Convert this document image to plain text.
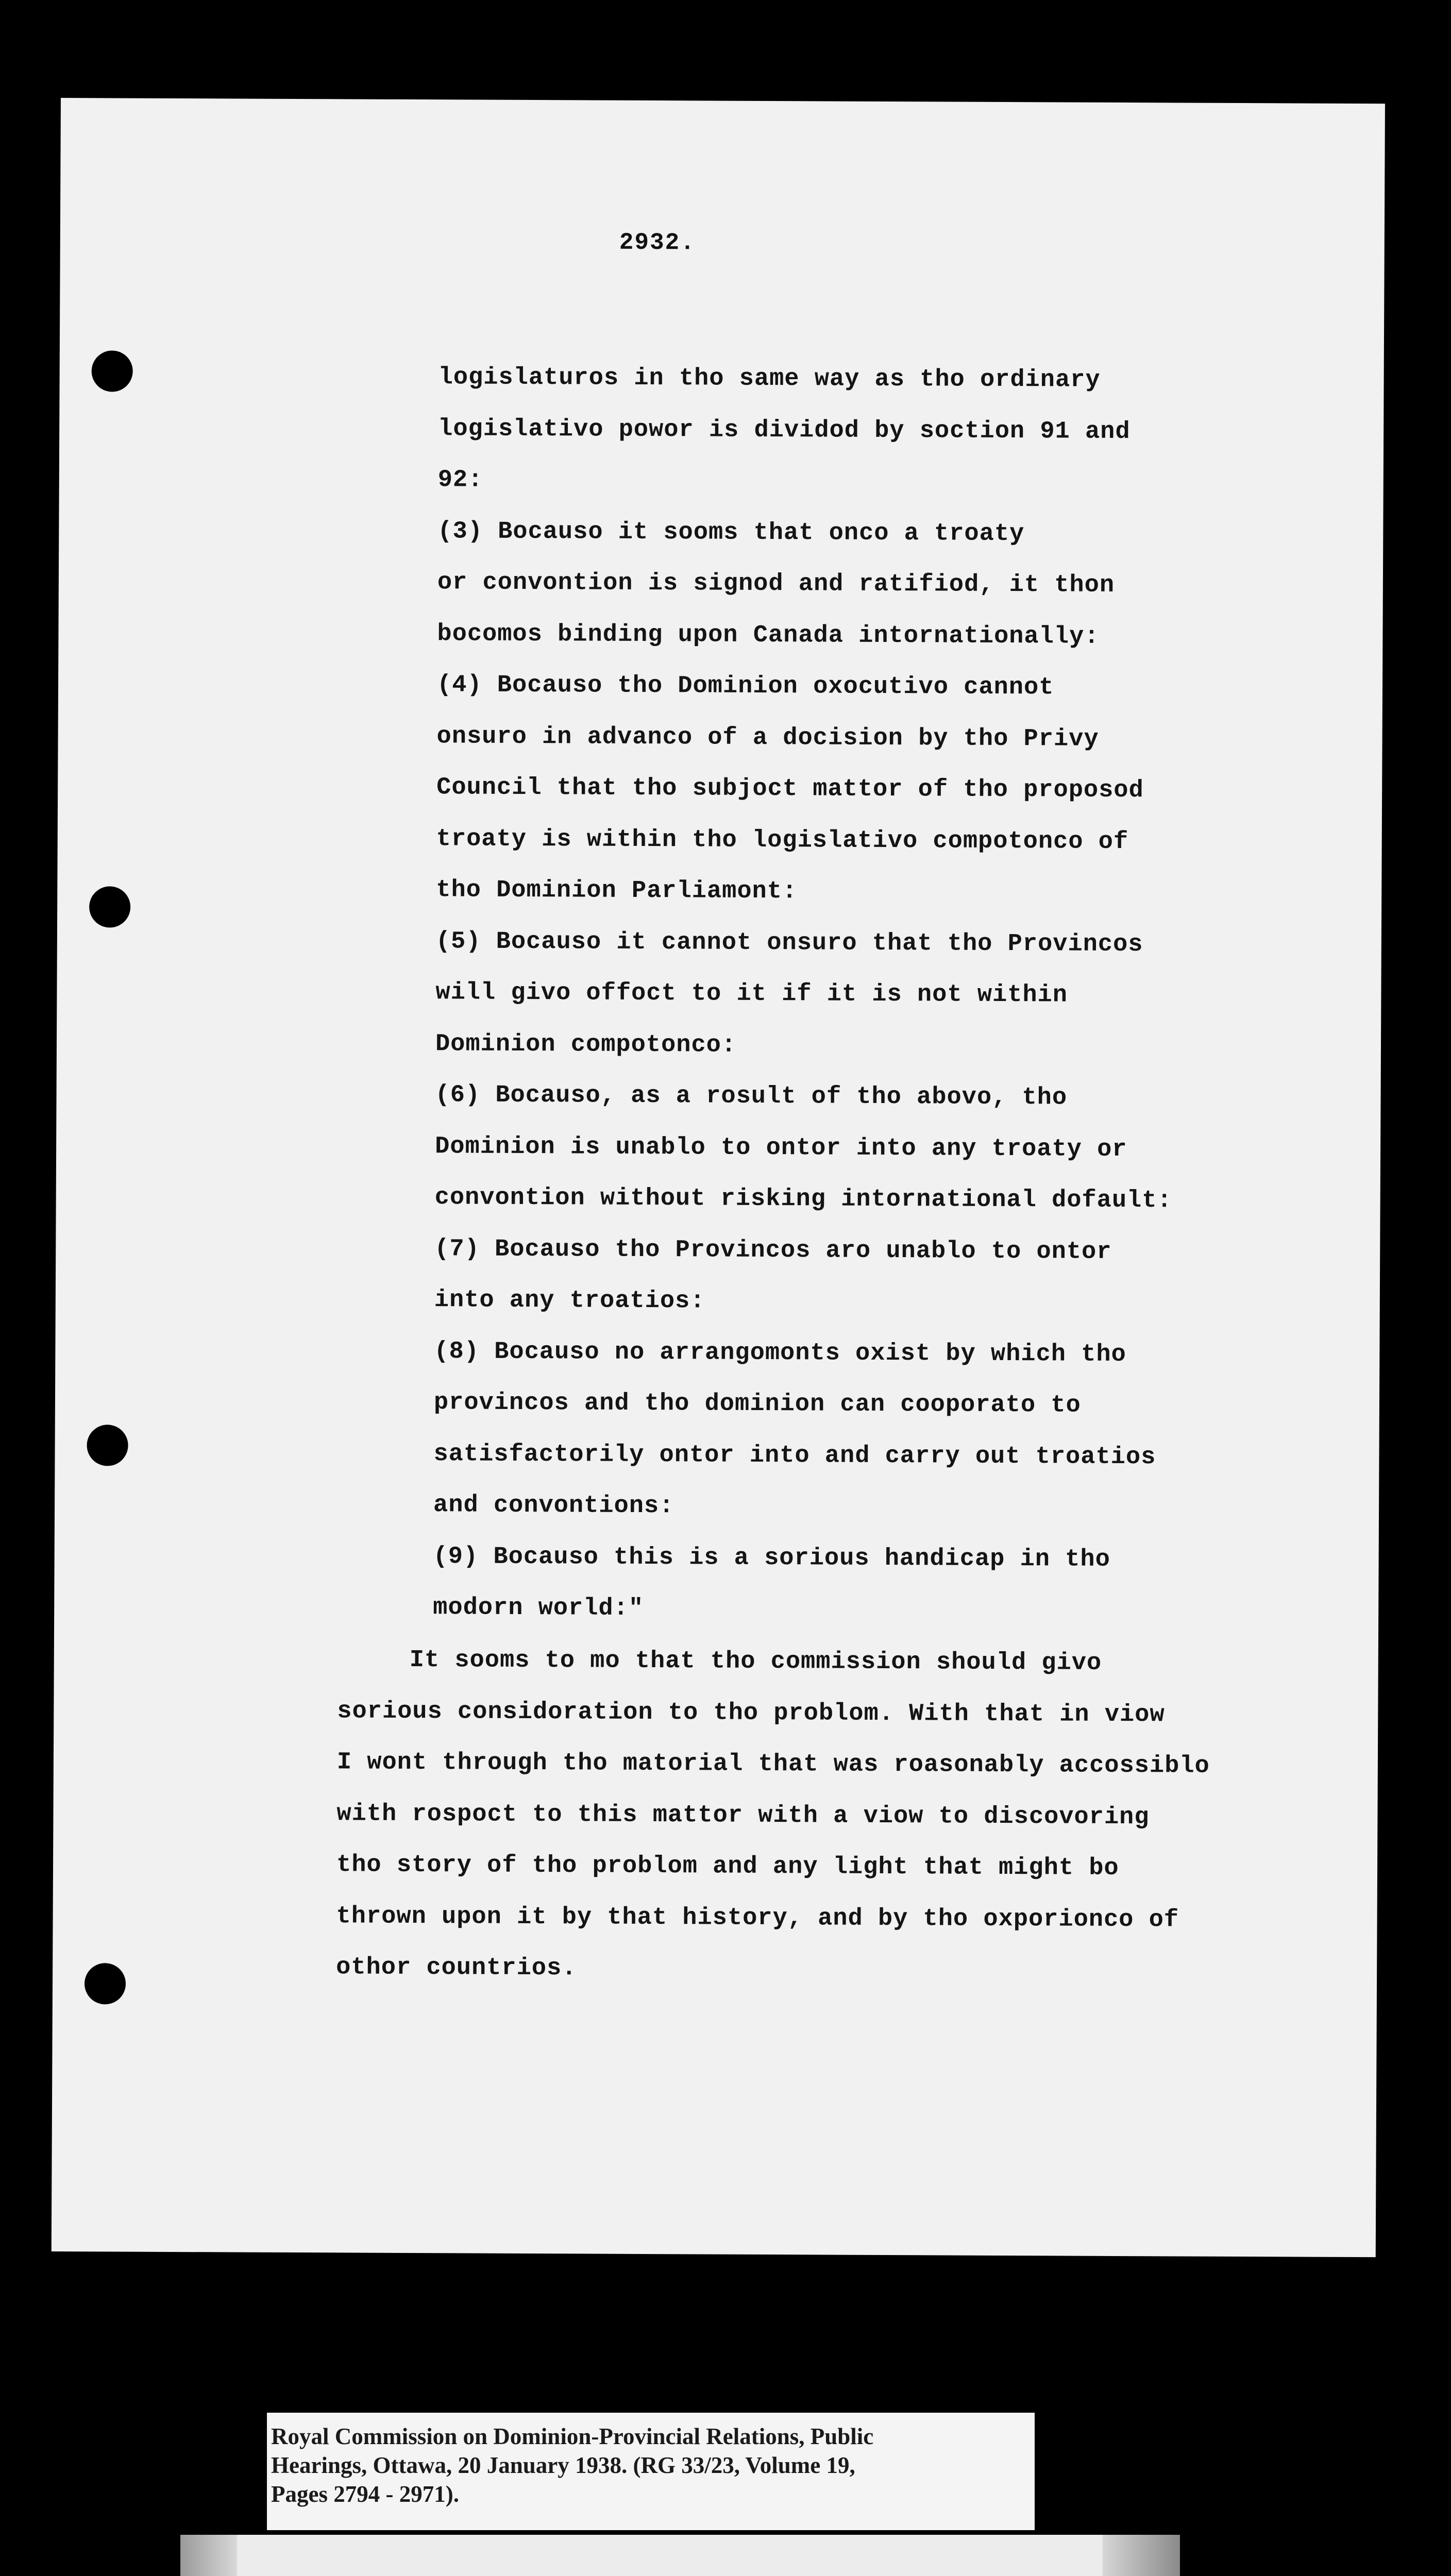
2932.
logislaturos in tho same way as tho ordinary
logislativo powor is dividod by soction 91 and
92:
(3) Bocauso it sooms that onco a troaty
or convontion is signod and ratifiod, it thon
bocomos binding upon Canada intornationally:
(4) Bocauso tho Dominion oxocutivo cannot
onsuro in advanco of a docision by tho Privy
Council that tho subjoct mattor of tho proposod
troaty is within tho logislativo compotonco of
tho Dominion Parliamont:
(5) Bocauso it cannot onsuro that tho Provincos
will givo offoct to it if it is not within
Dominion compotonco:
(6) Bocauso, as a rosult of tho abovo, tho
Dominion is unablo to ontor into any troaty or
convontion without risking intornational dofault:
(7) Bocauso tho Provincos aro unablo to ontor
into any troatios:
(8) Bocauso no arrangomonts oxist by which tho
provincos and tho dominion can cooporato to
satisfactorily ontor into and carry out troatios
and convontions:
(9) Bocauso this is a sorious handicap in tho
modorn world:"
It sooms to mo that tho commission should givo
sorious considoration to tho problom. With that in viow
I wont through tho matorial that was roasonably accossiblo
with rospoct to this mattor with a viow to discovoring
tho story of tho problom and any light that might bo
thrown upon it by that history, and by tho oxporionco of
othor countrios.
Royal Commission on Dominion-Provincial Relations, Public
Hearings, Ottawa, 20 January 1938. (RG 33/23, Volume 19,
Pages 2794 - 2971).
